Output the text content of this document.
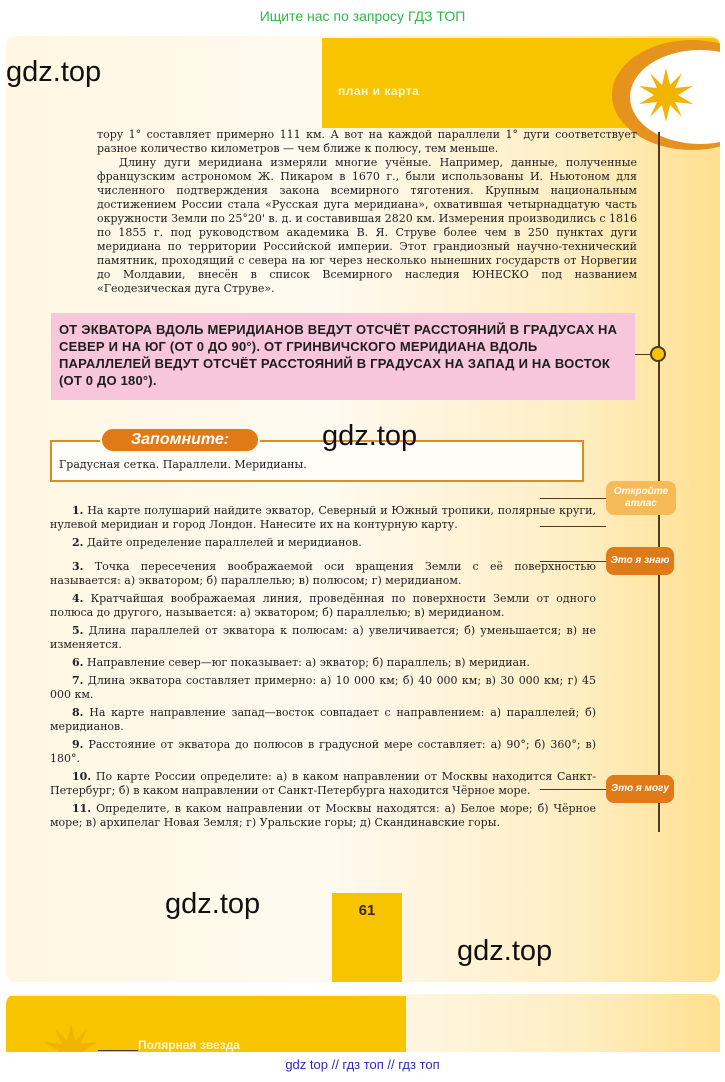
Ищите нас по запросу ГДЗ ТОП
план и карта

тору 1° составляет примерно 111 км. А вот на каждой параллели 1° дуги соответствует разное количество километров — чем ближе к полюсу, тем меньше.

Длину дуги меридиана измеряли многие учёные. Например, данные, полученные французским астрономом Ж. Пикаром в 1670 г., были использованы И. Ньютоном для численного подтверждения закона всемирного тяготения. Крупным национальным достижением России стала «Русская дуга меридиана», охватившая четырнадцатую часть окружности Земли по 25°20' в. д. и составившая 2820 км. Измерения производились с 1816 по 1855 г. под руководством академика В. Я. Струве более чем в 250 пунктах дуги меридиана по территории Российской империи. Этот грандиозный научно-технический памятник, проходящий с севера на юг через несколько нынешних государств от Норвегии до Молдавии, внесён в список Всемирного наследия ЮНЕСКО под названием «Геодезическая дуга Струве».

ОТ ЭКВАТОРА ВДОЛЬ МЕРИДИАНОВ ВЕДУТ ОТСЧЁТ РАССТОЯНИЙ В ГРАДУСАХ НА СЕВЕР И НА ЮГ (ОТ 0 ДО 90°). ОТ ГРИНВИЧСКОГО МЕРИДИАНА ВДОЛЬ ПАРАЛЛЕЛЕЙ ВЕДУТ ОТСЧЁТ РАССТОЯНИЙ В ГРАДУСАХ НА ЗАПАД И НА ВОСТОК (ОТ 0 ДО 180°).
Запомните:
Градусная сетка. Параллели. Меридианы.
Откройте атлас
Это я знаю
Это я могу

1. На карте полушарий найдите экватор, Северный и Южный тропики, полярные круги, нулевой меридиан и город Лондон. Нанесите их на контурную карту.

2. Дайте определение параллелей и меридианов.

3. Точка пересечения воображаемой оси вращения Земли с её поверхностью называется: а) экватором; б) параллелью; в) полюсом; г) меридианом.

4. Кратчайшая воображаемая линия, проведённая по поверхности Земли от одного полюса до другого, называется: а) экватором; б) параллелью; в) меридианом.

5. Длина параллелей от экватора к полюсам: а) увеличивается; б) уменьшается; в) не изменяется.

6. Направление север—юг показывает: а) экватор; б) параллель; в) меридиан.

7. Длина экватора составляет примерно: а) 10 000 км; б) 40 000 км; в) 30 000 км; г) 45 000 км.

8. На карте направление запад—восток совпадает с направлением: а) параллелей; б) меридианов.

9. Расстояние от экватора до полюсов в градусной мере составляет: а) 90°; б) 360°; в) 180°.

10. По карте России определите: а) в каком направлении от Москвы находится Санкт-Петербург; б) в каком направлении от Санкт-Петербурга находится Чёрное море.

11. Определите, в каком направлении от Москвы находятся: а) Белое море; б) Чёрное море; в) архипелаг Новая Земля; г) Уральские горы; д) Скандинавские горы.

61
Полярная звезда
gdz.top
gdz.top
gdz.top
gdz.top
gdz top // гдз топ // гдз топ
